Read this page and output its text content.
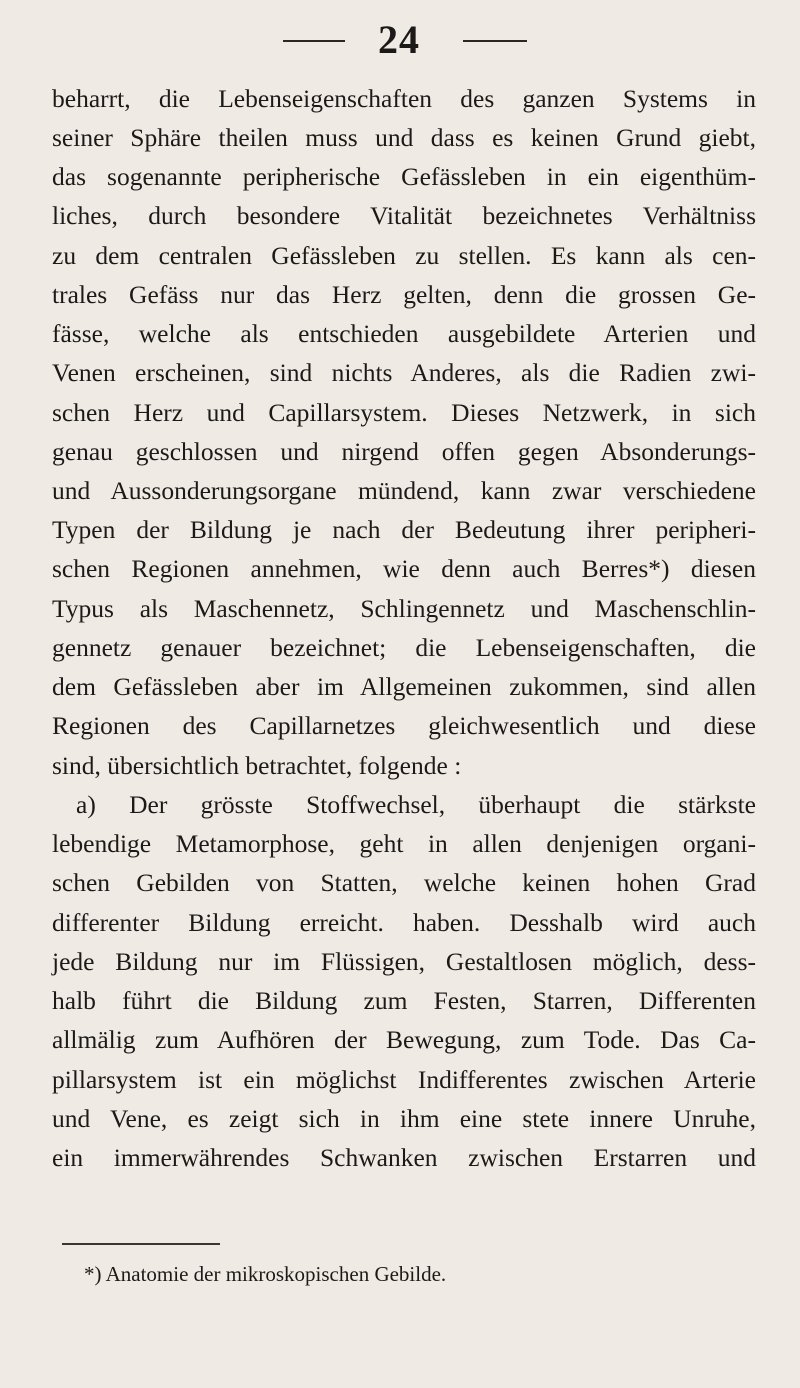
24
beharrt, die Lebenseigenschaften des ganzen Systems in
seiner Sphäre theilen muss und dass es keinen Grund giebt,
das sogenannte peripherische Gefässleben in ein eigenthüm-
liches, durch besondere Vitalität bezeichnetes Verhältniss
zu dem centralen Gefässleben zu stellen. Es kann als cen-
trales Gefäss nur das Herz gelten, denn die grossen Ge-
fässe, welche als entschieden ausgebildete Arterien und
Venen erscheinen, sind nichts Anderes, als die Radien zwi-
schen Herz und Capillarsystem. Dieses Netzwerk, in sich
genau geschlossen und nirgend offen gegen Absonderungs-
und Aussonderungsorgane mündend, kann zwar verschiedene
Typen der Bildung je nach der Bedeutung ihrer peripheri-
schen Regionen annehmen, wie denn auch Berres*) diesen
Typus als Maschennetz, Schlingennetz und Maschenschlin-
gennetz genauer bezeichnet; die Lebenseigenschaften, die
dem Gefässleben aber im Allgemeinen zukommen, sind allen
Regionen des Capillarnetzes gleichwesentlich und diese
sind, übersichtlich betrachtet, folgende :
a) Der grösste Stoffwechsel, überhaupt die stärkste
lebendige Metamorphose, geht in allen denjenigen organi-
schen Gebilden von Statten, welche keinen hohen Grad
differenter Bildung erreicht. haben. Desshalb wird auch
jede Bildung nur im Flüssigen, Gestaltlosen möglich, dess-
halb führt die Bildung zum Festen, Starren, Differenten
allmälig zum Aufhören der Bewegung, zum Tode. Das Ca-
pillarsystem ist ein möglichst Indifferentes zwischen Arterie
und Vene, es zeigt sich in ihm eine stete innere Unruhe,
ein immerwährendes Schwanken zwischen Erstarren und
*) Anatomie der mikroskopischen Gebilde.
